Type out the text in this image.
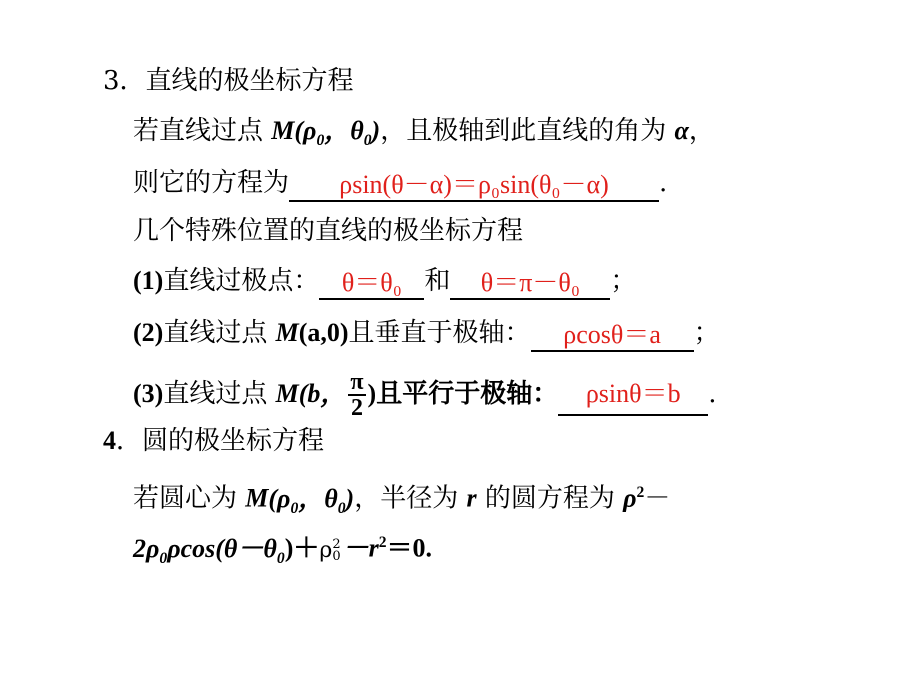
3．直线的极坐标方程
若直线过点 $M(\rho_0$，$\theta_0$)，且极轴到此直线的角为 α，
则它的方程为	ρsin(θ－α)＝ρ₀sin(θ₀－α)	.
几个特殊位置的直线的极坐标方程
(1)直线过极点： θ＝θ₀ 和	θ＝π－θ₀	；
(2)直线过点 M(a,0)且垂直于极轴：	ρcosθ＝a	；
(3)直线过点 M(b， $\frac{\pi}{2}$ )且平行于极轴：	ρsinθ＝b	.
4．圆的极坐标方程
若圆心为 $M(\rho_0$，$\theta_0$)，半径为 r 的圆方程为 $\rho^2-$
$2\rho_0\rho\cos(\theta-\theta_0)+\rho$ 2
$0 -r^2=0$.
